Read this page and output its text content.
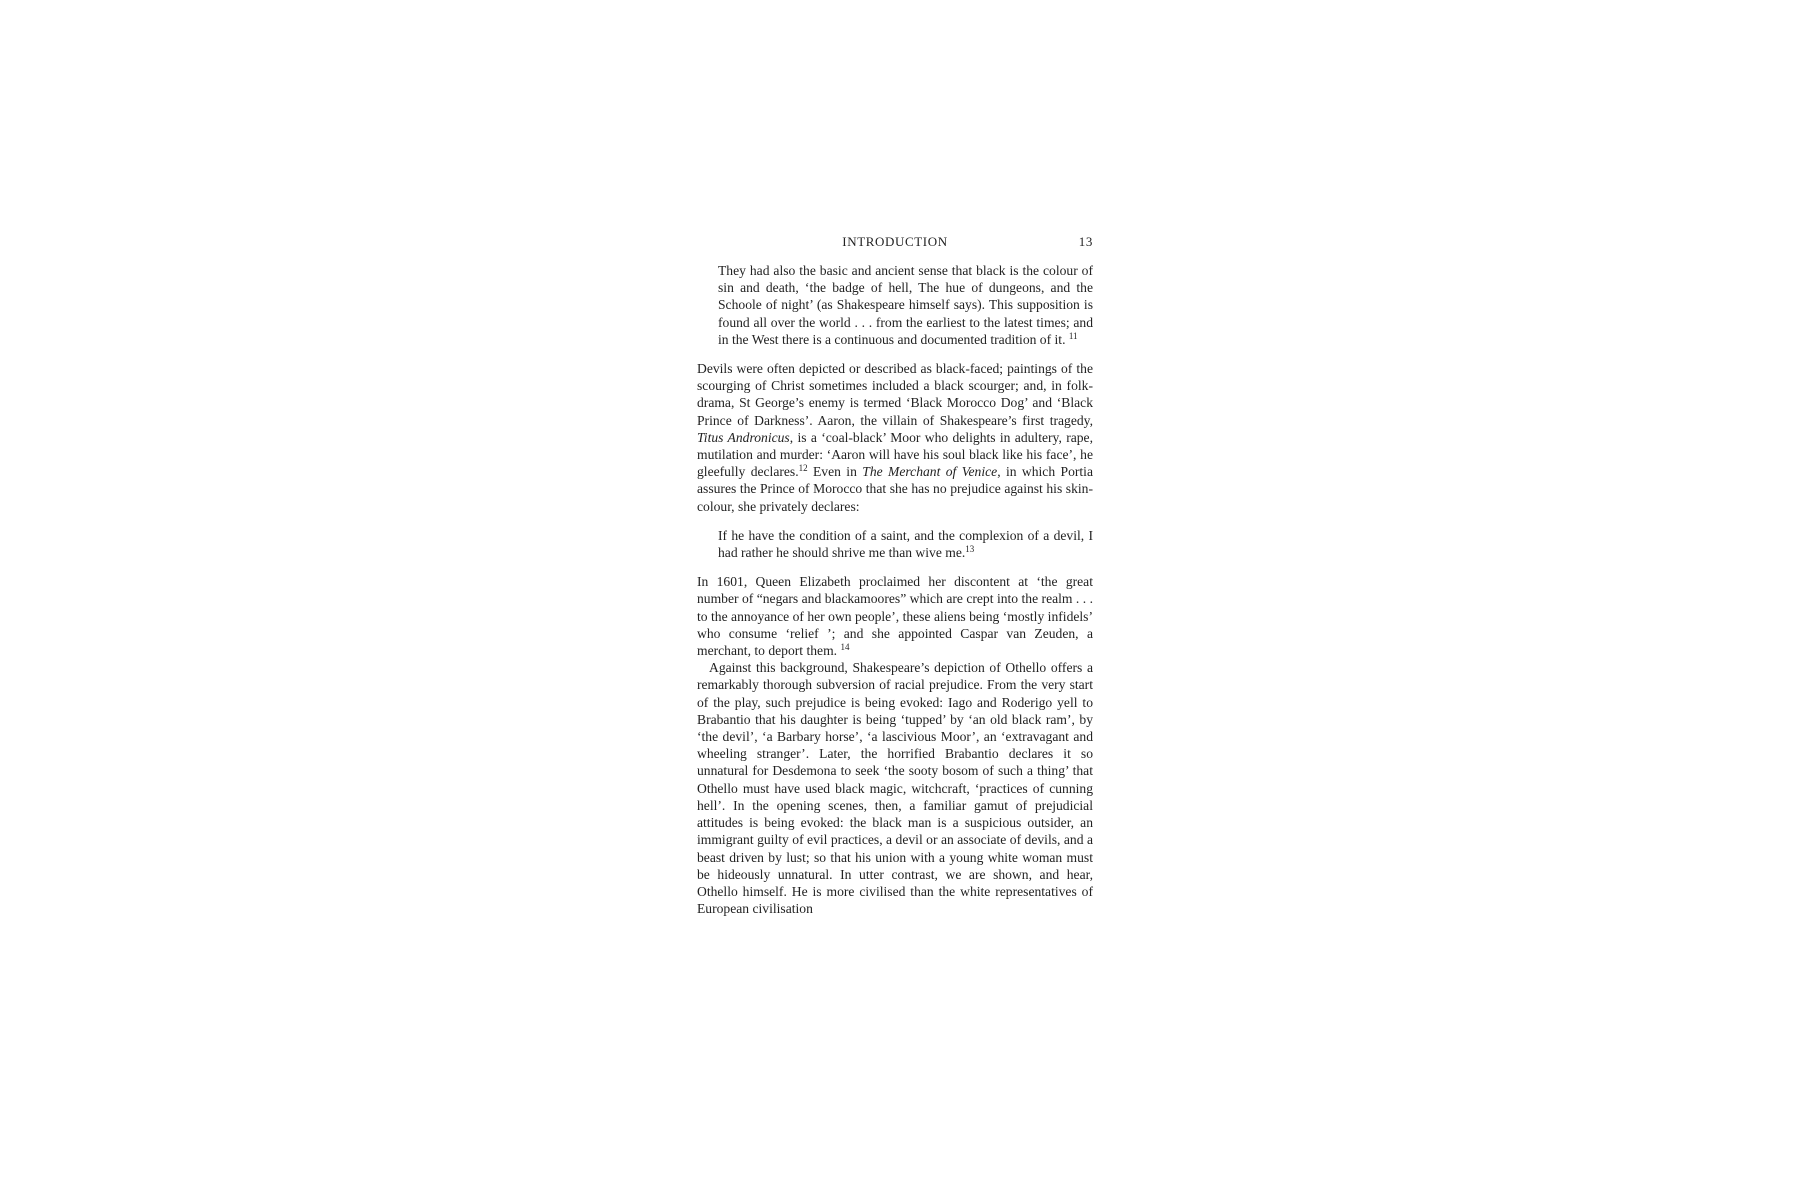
INTRODUCTION	13

They had also the basic and ancient sense that black is the colour of sin and death, ‘the badge of hell, The hue of dungeons, and the Schoole of night’ (as Shakespeare himself says). This supposition is found all over the world . . . from the earliest to the latest times; and in the West there is a continuous and documented tradition of it. $^{11}$

Devils were often depicted or described as black-faced; paintings of the scourging of Christ sometimes included a black scourger; and, in folk-drama, St George’s enemy is termed ‘Black Morocco Dog’ and ‘Black Prince of Darkness’. Aaron, the villain of Shakespeare’s first tragedy, Titus Andronicus, is a ‘coal-black’ Moor who delights in adultery, rape, mutilation and murder: ‘Aaron will have his soul black like his face’, he gleefully declares.$^{12}$ Even in The Merchant of Venice, in which Portia assures the Prince of Morocco that she has no prejudice against his skin-colour, she privately declares:

If he have the condition of a saint, and the complexion of a devil, I had rather he should shrive me than wive me.$^{13}$

In 1601, Queen Elizabeth proclaimed her discontent at ‘the great number of “negars and blackamoores” which are crept into the realm . . . to the annoyance of her own people’, these aliens being ‘mostly infidels’ who consume ‘relief ’; and she appointed Caspar van Zeuden, a merchant, to deport them. $^{14}$

Against this background, Shakespeare’s depiction of Othello offers a remarkably thorough subversion of racial prejudice. From the very start of the play, such prejudice is being evoked: Iago and Roderigo yell to Brabantio that his daughter is being ‘tupped’ by ‘an old black ram’, by ‘the devil’, ‘a Barbary horse’, ‘a lascivious Moor’, an ‘extravagant and wheeling stranger’. Later, the horrified Brabantio declares it so unnatural for Desdemona to seek ‘the sooty bosom of such a thing’ that Othello must have used black magic, witchcraft, ‘practices of cunning hell’. In the opening scenes, then, a familiar gamut of prejudicial attitudes is being evoked: the black man is a suspicious outsider, an immigrant guilty of evil practices, a devil or an associate of devils, and a beast driven by lust; so that his union with a young white woman must be hideously unnatural. In utter contrast, we are shown, and hear, Othello himself. He is more civilised than the white representatives of European civilisation
